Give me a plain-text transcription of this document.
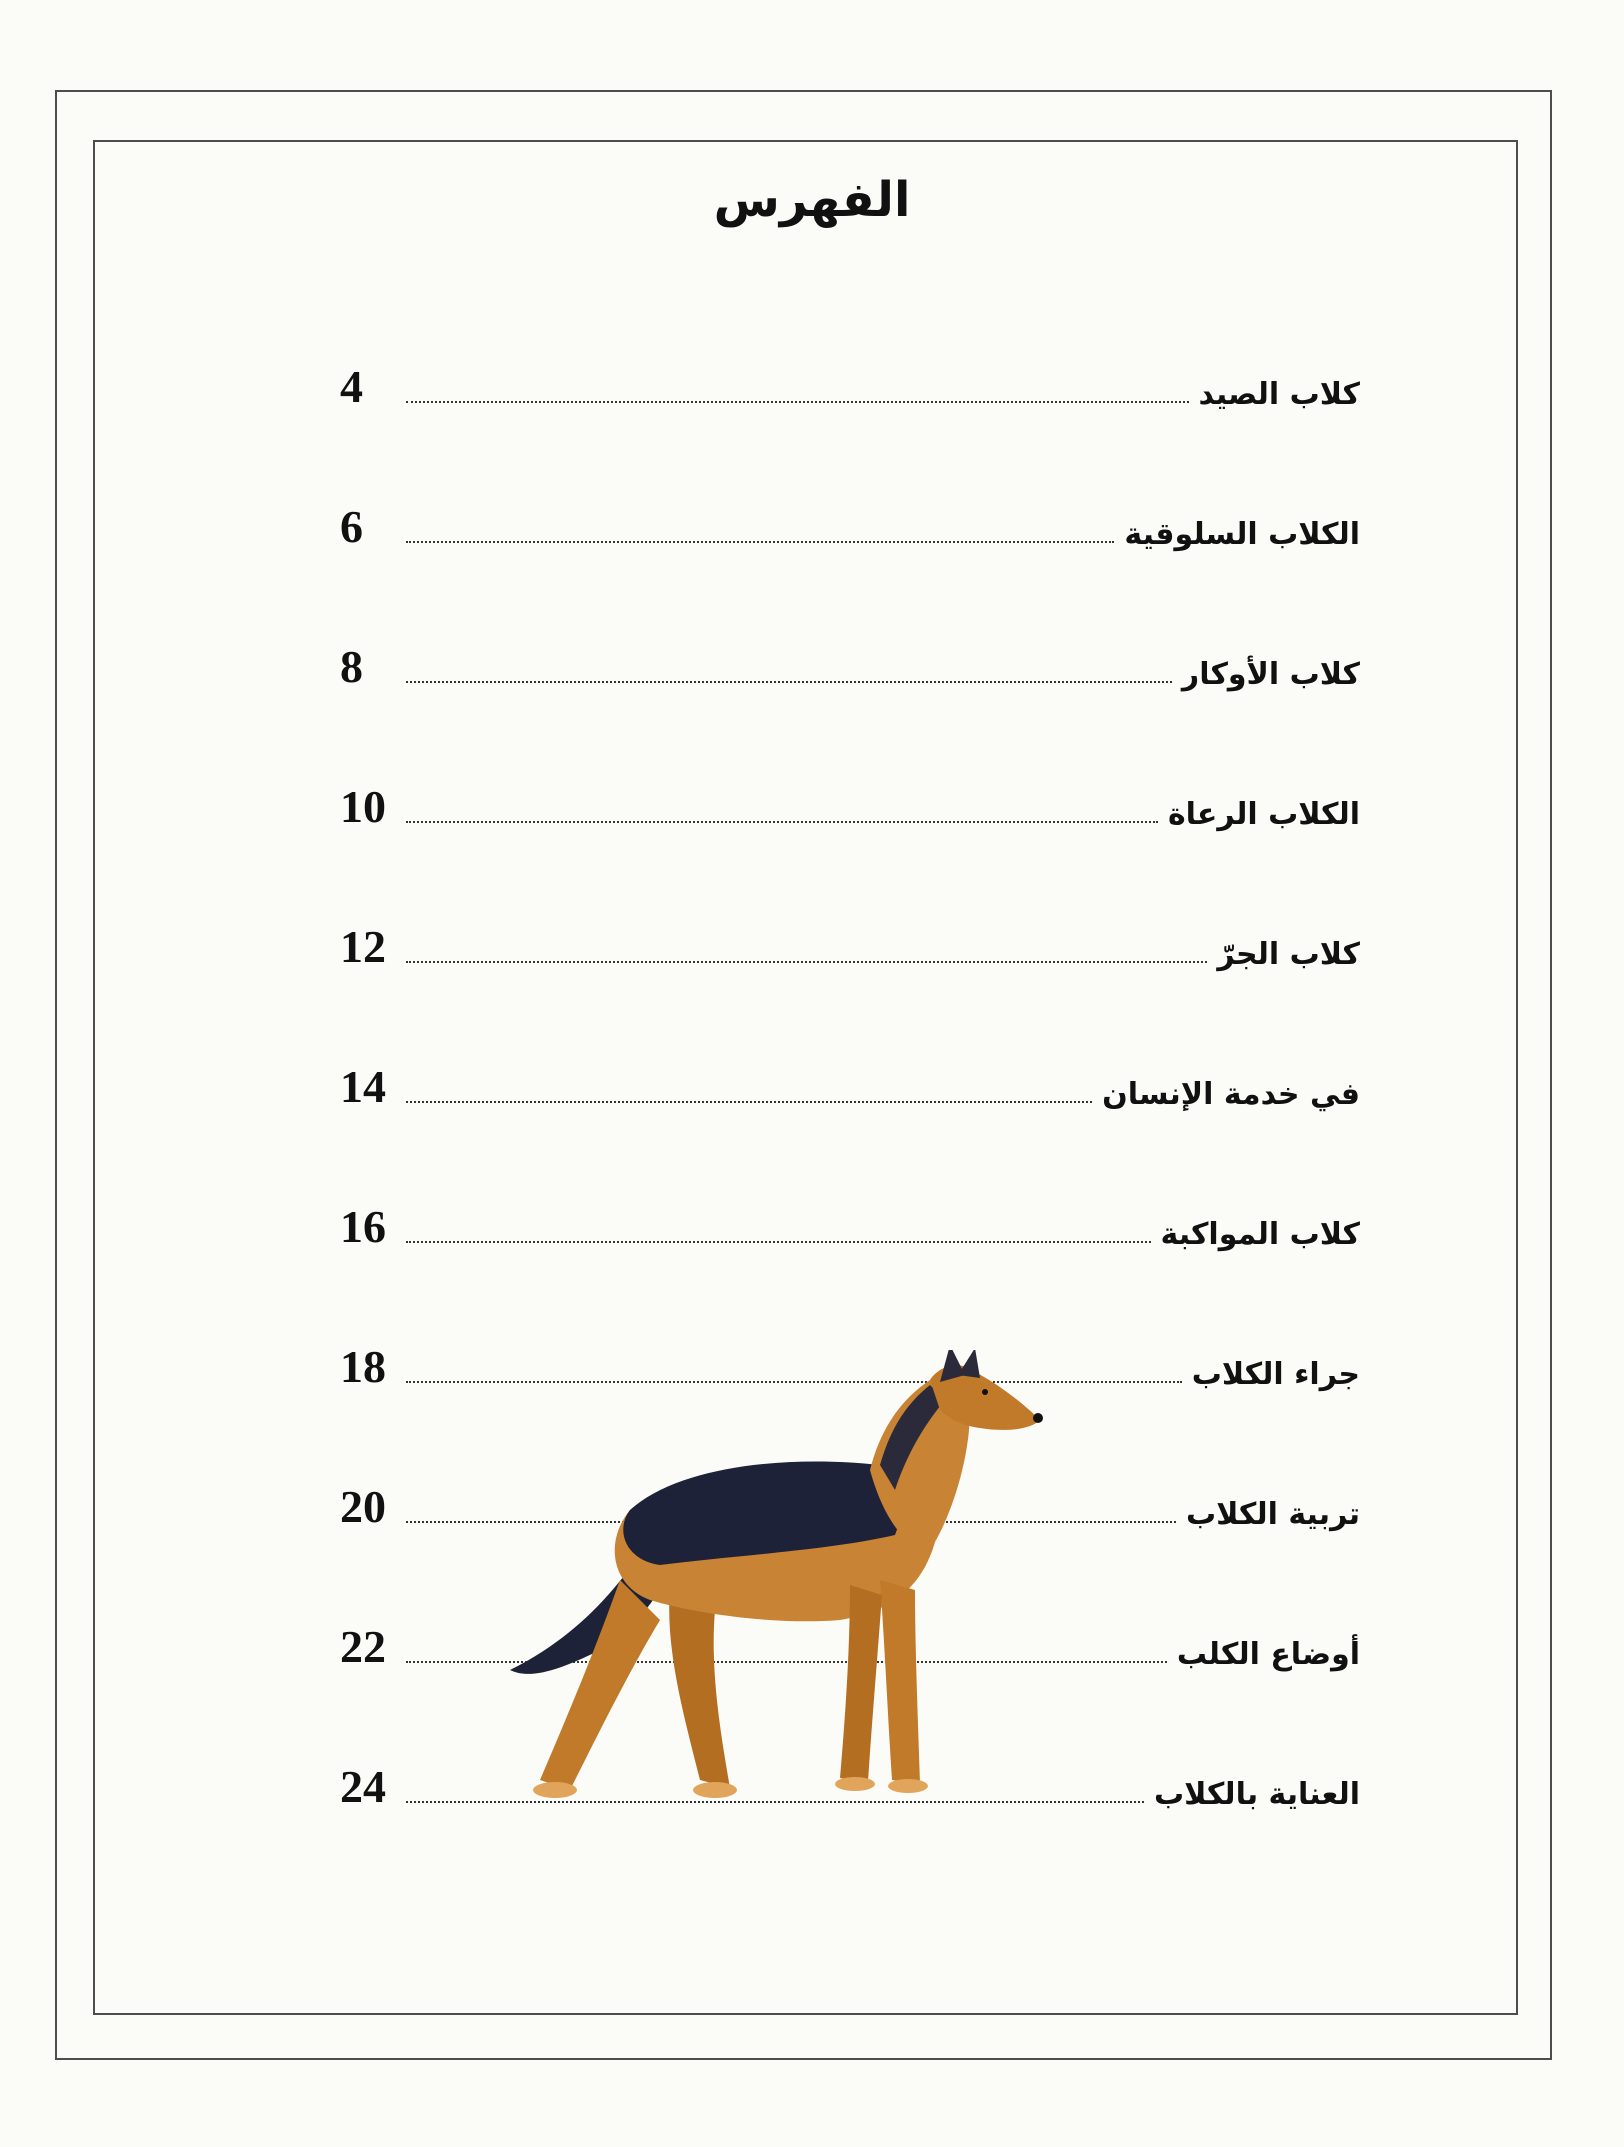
الفهرس
كلاب الصيد
4
الكلاب السلوقية
6
كلاب الأوكار
8
الكلاب الرعاة
10
كلاب الجرّ
12
في خدمة الإنسان
14
كلاب المواكبة
16
جراء الكلاب
18
تربية الكلاب
20
أوضاع الكلب
22
العناية بالكلاب
24
